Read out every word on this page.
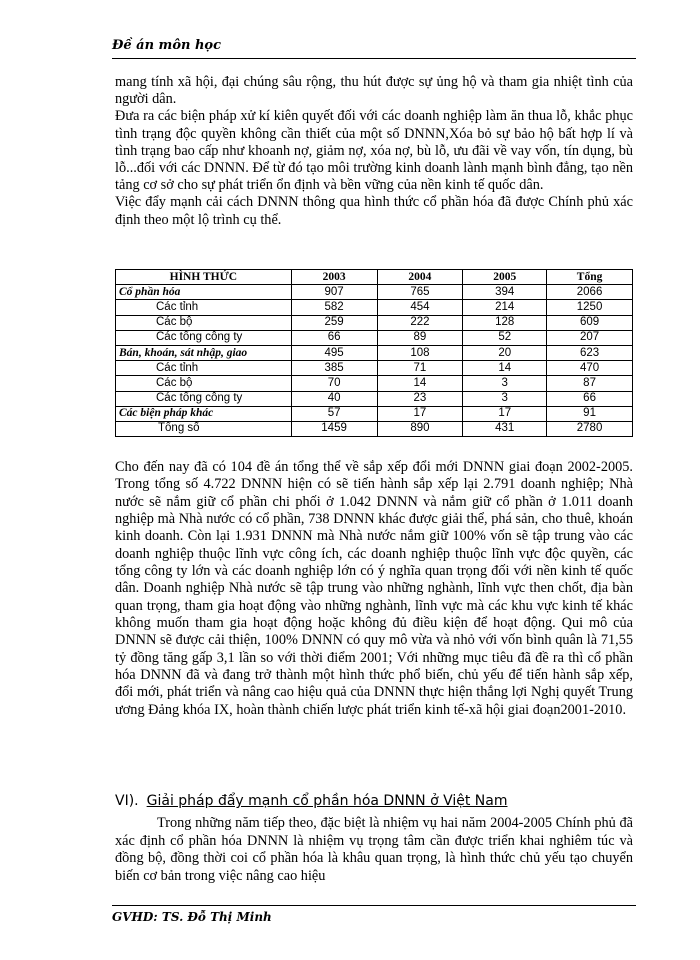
Đề án môn học

mang tính xã hội, đại chúng sâu rộng, thu hút được sự ủng hộ và tham gia nhiệt tình của người dân.

Đưa ra các biện pháp xử kí kiên quyết đối với các doanh nghiệp làm ăn thua lỗ, khắc phục tình trạng độc quyền không cần thiết của một số DNNN,Xóa bỏ sự bảo hộ bất hợp lí và tình trạng bao cấp như khoanh nợ, giảm nợ, xóa nợ, bù lỗ, ưu đãi về vay vốn, tín dụng, bù lỗ...đối với các DNNN. Để từ đó tạo môi trường kinh doanh lành mạnh bình đẳng, tạo nền tảng cơ sở cho sự phát triển ổn định và bền vững của nền kinh tế quốc dân.

Việc đẩy mạnh cải cách DNNN thông qua hình thức cổ phần hóa đã được Chính phủ xác định theo một lộ trình cụ thể.

HÌNH THỨC	2003	2004	2005	Tổng
Cổ phần hóa	907	765	394	2066
Các tỉnh	582	454	214	1250
Các bộ	259	222	128	609
Các tổng công ty	66	89	52	207
Bán, khoán, sát nhập, giao	495	108	20	623
Các tỉnh	385	71	14	470
Các bộ	70	14	3	87
Các tổng công ty	40	23	3	66
Các biện pháp khác	57	17	17	91
Tổng số	1459	890	431	2780

Cho đến nay đã có 104 đề án tổng thể về sắp xếp đổi mới DNNN giai đoạn 2002-2005. Trong tổng số 4.722 DNNN hiện có sẽ tiến hành sắp xếp lại 2.791 doanh nghiệp; Nhà nước sẽ nắm giữ cổ phần chi phối ở 1.042 DNNN và nắm giữ cổ phần ở 1.011 doanh nghiệp mà Nhà nước có cổ phần, 738 DNNN khác được giải thể, phá sản, cho thuê, khoán kinh doanh. Còn lại 1.931 DNNN mà Nhà nước nắm giữ 100% vốn sẽ tập trung vào các doanh nghiệp thuộc lĩnh vực công ích, các doanh nghiệp thuộc lĩnh vực độc quyền, các tổng công ty lớn và các doanh nghiệp lớn có ý nghĩa quan trọng đối với nền kinh tế quốc dân. Doanh nghiệp Nhà nước sẽ tập trung vào những nghành, lĩnh vực then chốt, địa bàn quan trọng, tham gia hoạt động vào những nghành, lĩnh vực mà các khu vực kinh tế khác không muốn tham gia hoạt động hoặc không đủ điều kiện để hoạt động. Qui mô của DNNN sẽ được cải thiện, 100% DNNN có quy mô vừa và nhỏ với vốn bình quân là 71,55 tỷ đồng tăng gấp 3,1 lần so với thời điểm 2001; Với những mục tiêu đã đề ra thì cổ phần hóa DNNN đã và đang trở thành một hình thức phổ biến, chủ yếu để tiến hành sắp xếp, đổi mới, phát triển và nâng cao hiệu quả của DNNN thực hiện thắng lợi Nghị quyết Trung ương Đảng khóa IX, hoàn thành chiến lược phát triển kinh tế-xã hội giai đoạn2001-2010.

VI). Giải pháp đẩy mạnh cổ phần hóa DNNN ở Việt Nam

Trong những năm tiếp theo, đặc biệt là nhiệm vụ hai năm 2004-2005 Chính phủ đã xác định cổ phần hóa DNNN là nhiệm vụ trọng tâm cần được triển khai nghiêm túc và đồng bộ, đồng thời coi cổ phần hóa là khâu quan trọng, là hình thức chủ yếu tạo chuyển biến cơ bản trong việc nâng cao hiệu

GVHD: TS. Đỗ Thị Minh
